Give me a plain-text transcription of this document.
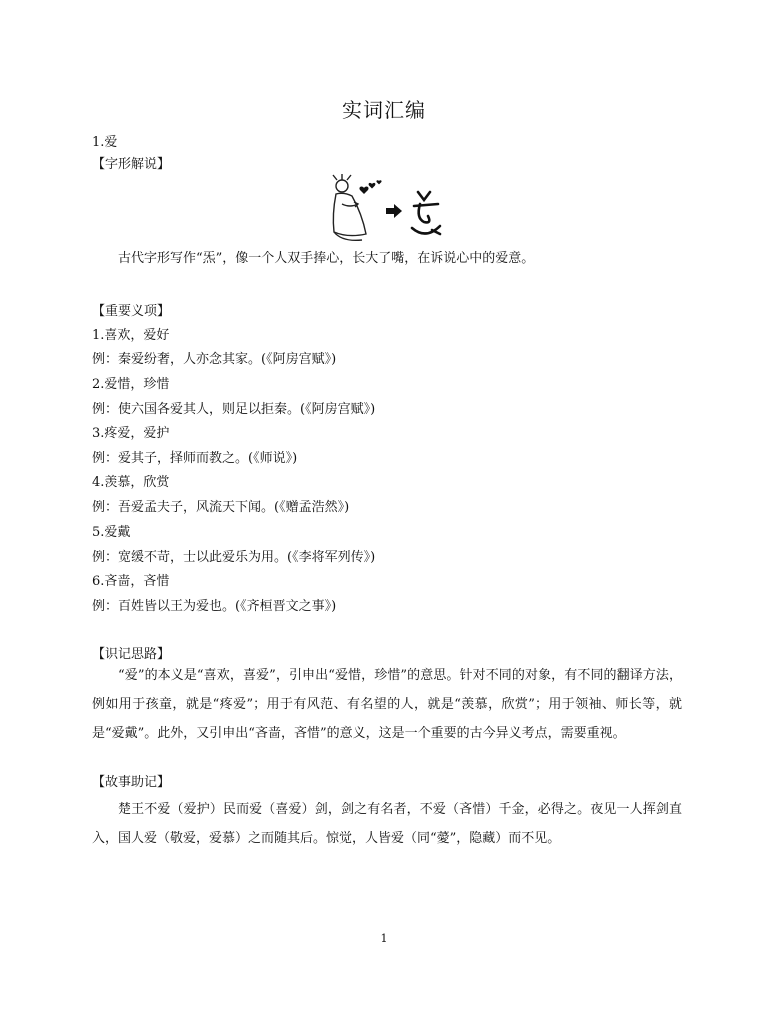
实词汇编
1.爱
【字形解说】
古代字形写作“炁”，像一个人双手捧心，长大了嘴，在诉说心中的爱意。
【重要义项】
1.喜欢，爱好
例：秦爱纷奢，人亦念其家。(《阿房宫赋》)
2.爱惜，珍惜
例：使六国各爱其人，则足以拒秦。(《阿房宫赋》)
3.疼爱，爱护
例：爱其子，择师而教之。(《师说》)
4.羡慕，欣赏
例：吾爱孟夫子，风流天下闻。(《赠孟浩然》)
5.爱戴
例：宽缓不苛，士以此爱乐为用。(《李将军列传》)
6.吝啬，吝惜
例：百姓皆以王为爱也。(《齐桓晋文之事》)
【识记思路】
“爱”的本义是“喜欢，喜爱”，引申出“爱惜，珍惜”的意思。针对不同的对象，有不同的翻译方法，例如用于孩童，就是“疼爱”；用于有风范、有名望的人，就是“羡慕，欣赏”；用于领袖、师长等，就是“爱戴”。此外，又引申出“吝啬，吝惜”的意义，这是一个重要的古今异义考点，需要重视。
【故事助记】
楚王不爱（爱护）民而爱（喜爱）剑，剑之有名者，不爱（吝惜）千金，必得之。夜见一人挥剑直入，国人爱（敬爱，爱慕）之而随其后。惊觉，人皆爱（同“薆”，隐藏）而不见。
1
